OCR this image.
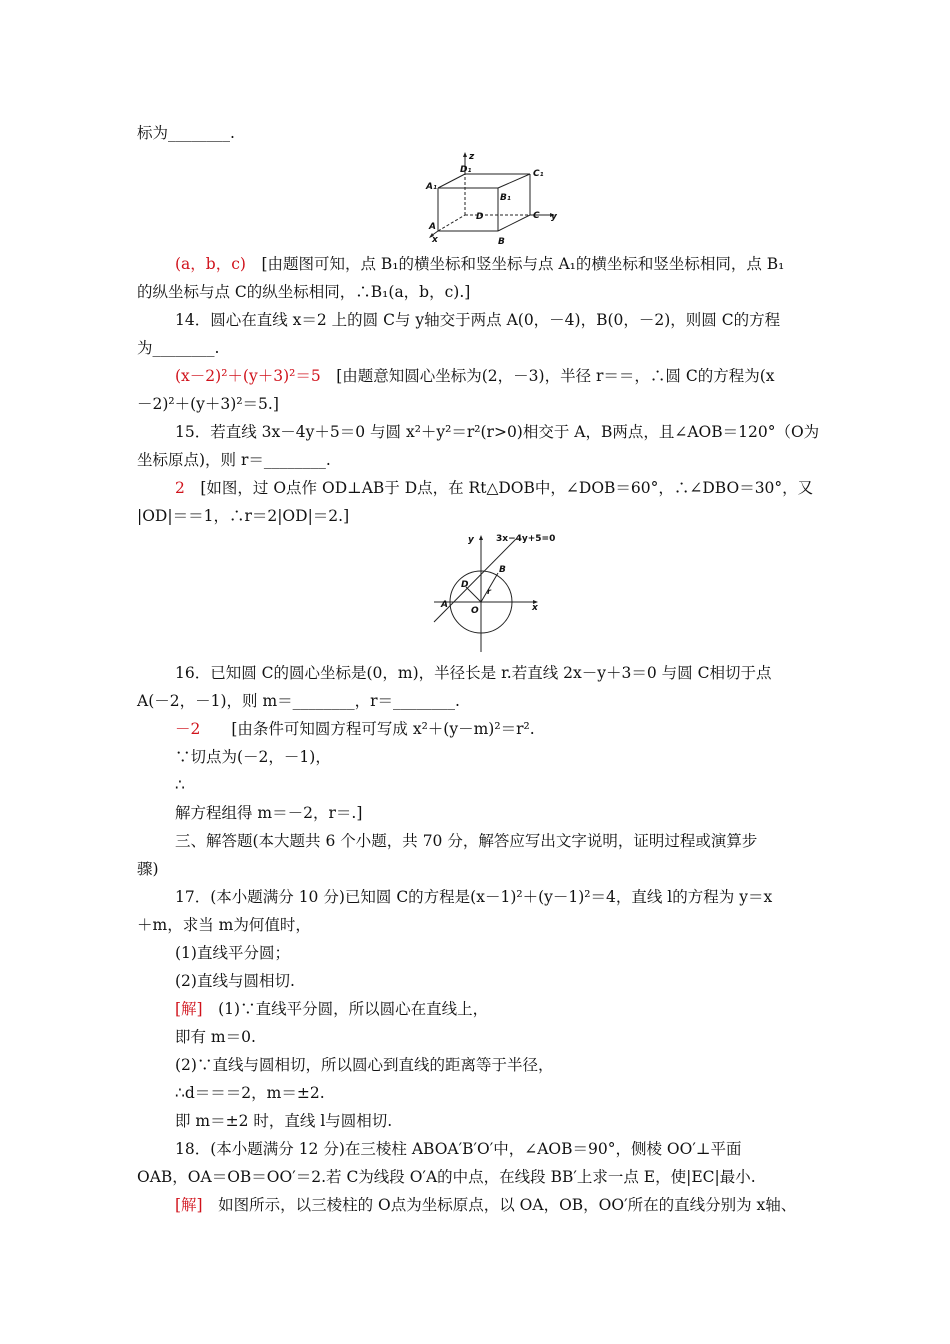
标为________.
z
D₁	C₁
A₁
B₁
A
D	C y
x	B
(a，b，c)　[由题图可知，点 B₁的横坐标和竖坐标与点 A₁的横坐标和竖坐标相同，点 B₁
的纵坐标与点 C的纵坐标相同，∴B₁(a，b，c).]
14．圆心在直线 x＝2 上的圆 C与 y轴交于两点 A(0，－4)，B(0，－2)，则圆 C的方程
为________.
(x－2)²＋(y＋3)²＝5　[由题意知圆心坐标为(2，－3)，半径 r＝＝，∴圆 C的方程为(x
－2)²＋(y＋3)²＝5.]
15．若直线 3x－4y＋5＝0 与圆 x²＋y²＝r²(r>0)相交于 A，B两点，且∠AOB＝120°（O为
坐标原点)，则 r＝________.
2　[如图，过 O点作 OD⊥AB于 D点，在 Rt△DOB中，∠DOB＝60°，∴∠DBO＝30°，又
|OD|＝＝1，∴r＝2|OD|＝2.]
y 3x−4y+5=0
B
D
r
A
O	x
16．已知圆 C的圆心坐标是(0，m)，半径长是 r.若直线 2x－y＋3＝0 与圆 C相切于点
A(－2，－1)，则 m＝________，r＝________.
－2　　[由条件可知圆方程可写成 x²＋(y－m)²＝r².
∵切点为(－2，－1)，
∴
解方程组得 m＝－2，r＝.]
三、解答题(本大题共 6 个小题，共 70 分，解答应写出文字说明，证明过程或演算步
骤)
17．(本小题满分 10 分)已知圆 C的方程是(x－1)²＋(y－1)²＝4，直线 l的方程为 y＝x
＋m，求当 m为何值时，
(1)直线平分圆；
(2)直线与圆相切.
[解]　(1)∵直线平分圆，所以圆心在直线上，
即有 m＝0.
(2)∵直线与圆相切，所以圆心到直线的距离等于半径，
∴d＝＝＝2，m＝±2.
即 m＝±2 时，直线 l与圆相切.
18．(本小题满分 12 分)在三棱柱 ABOA′B′O′中，∠AOB＝90°，侧棱 OO′⊥平面
OAB，OA＝OB＝OO′＝2.若 C为线段 O′A的中点，在线段 BB′上求一点 E，使|EC|最小.
[解]　如图所示，以三棱柱的 O点为坐标原点，以 OA，OB，OO′所在的直线分别为 x轴、
